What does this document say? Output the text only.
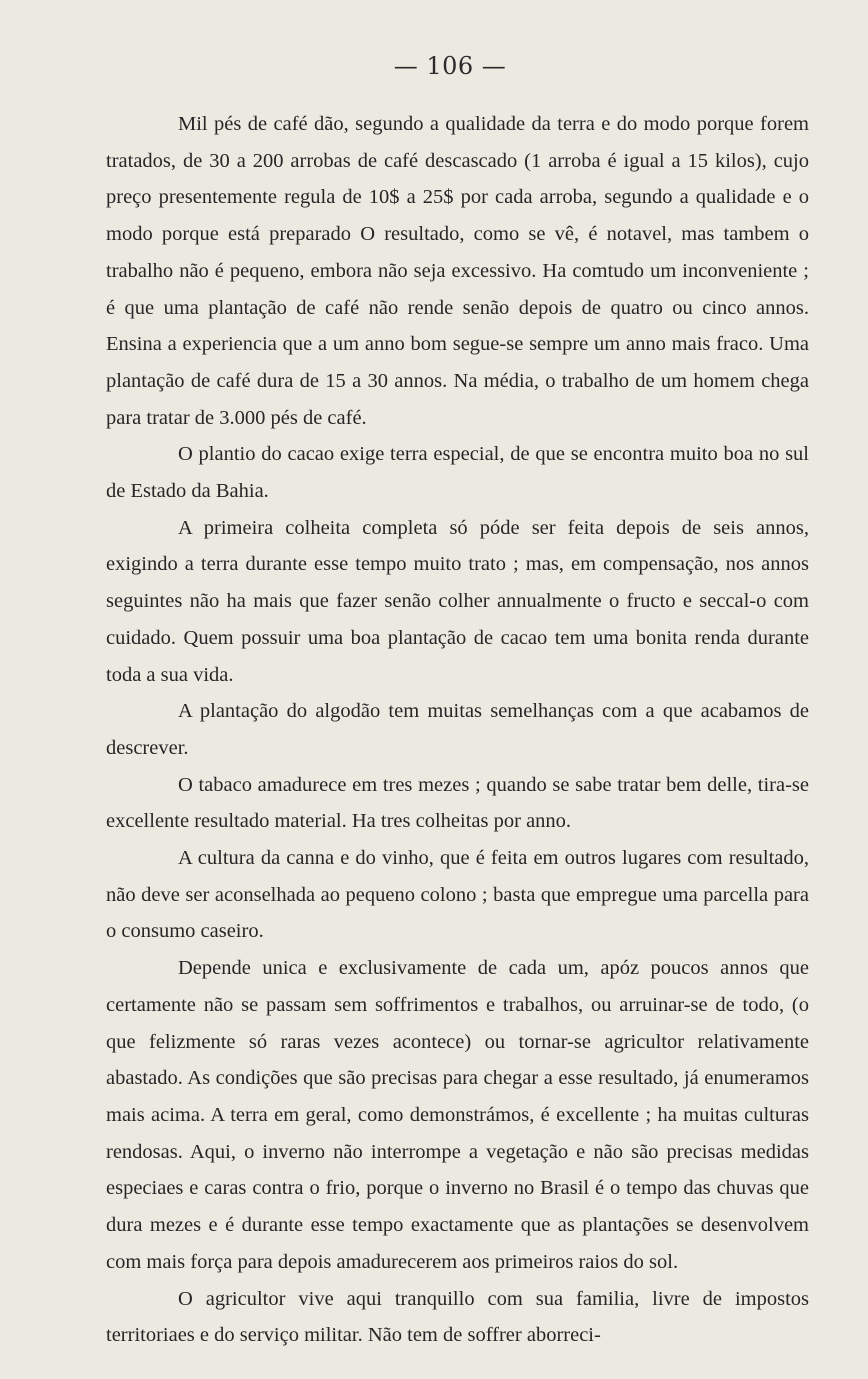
— 106 —

Mil pés de café dão, segundo a qualidade da terra e do modo porque forem tratados, de 30 a 200 arrobas de café descascado (1 arroba é igual a 15 kilos), cujo preço presentemente regula de 10$ a 25$ por cada arroba, segundo a qualidade e o modo porque está preparado O resultado, como se vê, é notavel, mas tambem o trabalho não é pequeno, embora não seja excessivo. Ha comtudo um inconveniente ; é que uma plantação de café não rende senão depois de quatro ou cinco annos. Ensina a experiencia que a um anno bom segue-se sempre um anno mais fraco. Uma plantação de café dura de 15 a 30 annos. Na média, o trabalho de um homem chega para tratar de 3.000 pés de café.

O plantio do cacao exige terra especial, de que se encontra muito boa no sul de Estado da Bahia.

A primeira colheita completa só póde ser feita depois de seis annos, exigindo a terra durante esse tempo muito trato ; mas, em compensação, nos annos seguintes não ha mais que fazer senão colher annualmente o fructo e seccal-o com cuidado. Quem possuir uma boa plantação de cacao tem uma bonita renda durante toda a sua vida.

A plantação do algodão tem muitas semelhanças com a que acabamos de descrever.

O tabaco amadurece em tres mezes ; quando se sabe tratar bem delle, tira-se excellente resultado material. Ha tres colheitas por anno.

A cultura da canna e do vinho, que é feita em outros lugares com resultado, não deve ser aconselhada ao pequeno colono ; basta que empregue uma parcella para o consumo caseiro.

Depende unica e exclusivamente de cada um, apóz poucos annos que certamente não se passam sem soffrimentos e trabalhos, ou arruinar-se de todo, (o que felizmente só raras vezes acontece) ou tornar-se agricultor relativamente abastado. As condições que são precisas para chegar a esse resultado, já enumeramos mais acima. A terra em geral, como demonstrámos, é excellente ; ha muitas culturas rendosas. Aqui, o inverno não interrompe a vegetação e não são precisas medidas especiaes e caras contra o frio, porque o inverno no Brasil é o tempo das chuvas que dura mezes e é durante esse tempo exactamente que as plantações se desenvolvem com mais força para depois amadurecerem aos primeiros raios do sol.

O agricultor vive aqui tranquillo com sua familia, livre de impostos territoriaes e do serviço militar. Não tem de soffrer aborreci-
